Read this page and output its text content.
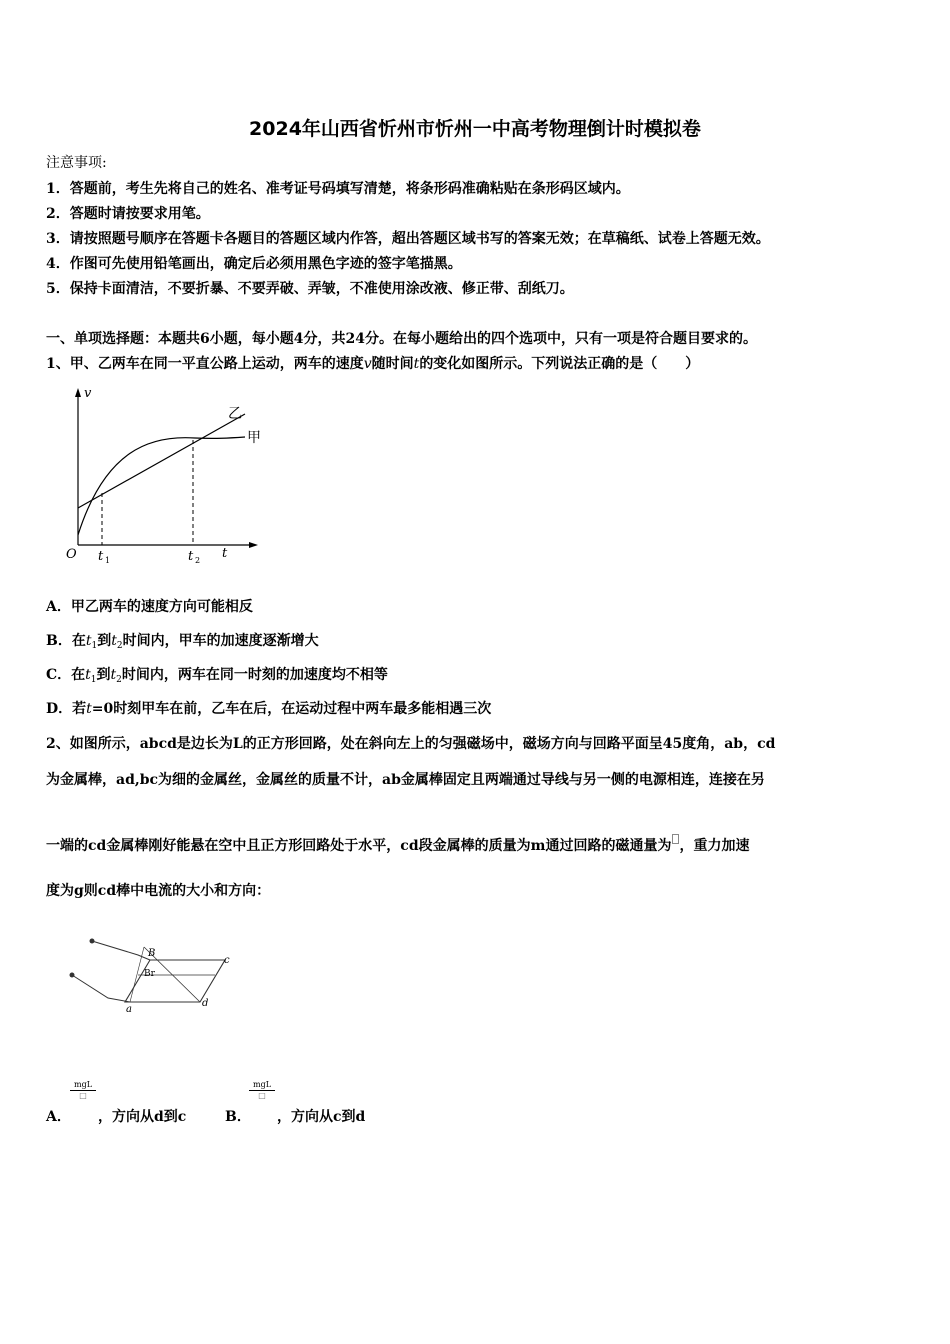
2024年山西省忻州市忻州一中高考物理倒计时模拟卷
注意事项:
1．答题前，考生先将自己的姓名、准考证号码填写清楚，将条形码准确粘贴在条形码区域内。
2．答题时请按要求用笔。
3．请按照题号顺序在答题卡各题目的答题区域内作答，超出答题区域书写的答案无效；在草稿纸、试卷上答题无效。
4．作图可先使用铅笔画出，确定后必须用黑色字迹的签字笔描黑。
5．保持卡面清洁，不要折暴、不要弄破、弄皱，不准使用涂改液、修正带、刮纸刀。
一、单项选择题：本题共6小题，每小题4分，共24分。在每小题给出的四个选项中，只有一项是符合题目要求的。
1、甲、乙两车在同一平直公路上运动，两车的速度v随时间t的变化如图所示。下列说法正确的是（　　）
v
t
O t 1	t 2
乙
甲
A．甲乙两车的速度方向可能相反
B．在$t_1$到$t_2$时间内，甲车的加速度逐渐增大
C．在$t_1$到$t_2$时间内，两车在同一时刻的加速度均不相等
D．若t=0时刻甲车在前，乙车在后，在运动过程中两车最多能相遇三次
2、如图所示，abcd是边长为L的正方形回路，处在斜向左上的匀强磁场中，磁场方向与回路平面呈45度角，ab，cd
为金属棒，ad,bc为细的金属丝，金属丝的质量不计，ab金属棒固定且两端通过导线与另一侧的电源相连，连接在另
一端的cd金属棒刚好能悬在空中且正方形回路处于水平，cd段金属棒的质量为m通过回路的磁通量为 ，重力加速
度为g则cd棒中电流的大小和方向：
B
Br
c
d
a
A．
mgL
□
，方向从d到c	B．
mgL
□
，方向从c到d
